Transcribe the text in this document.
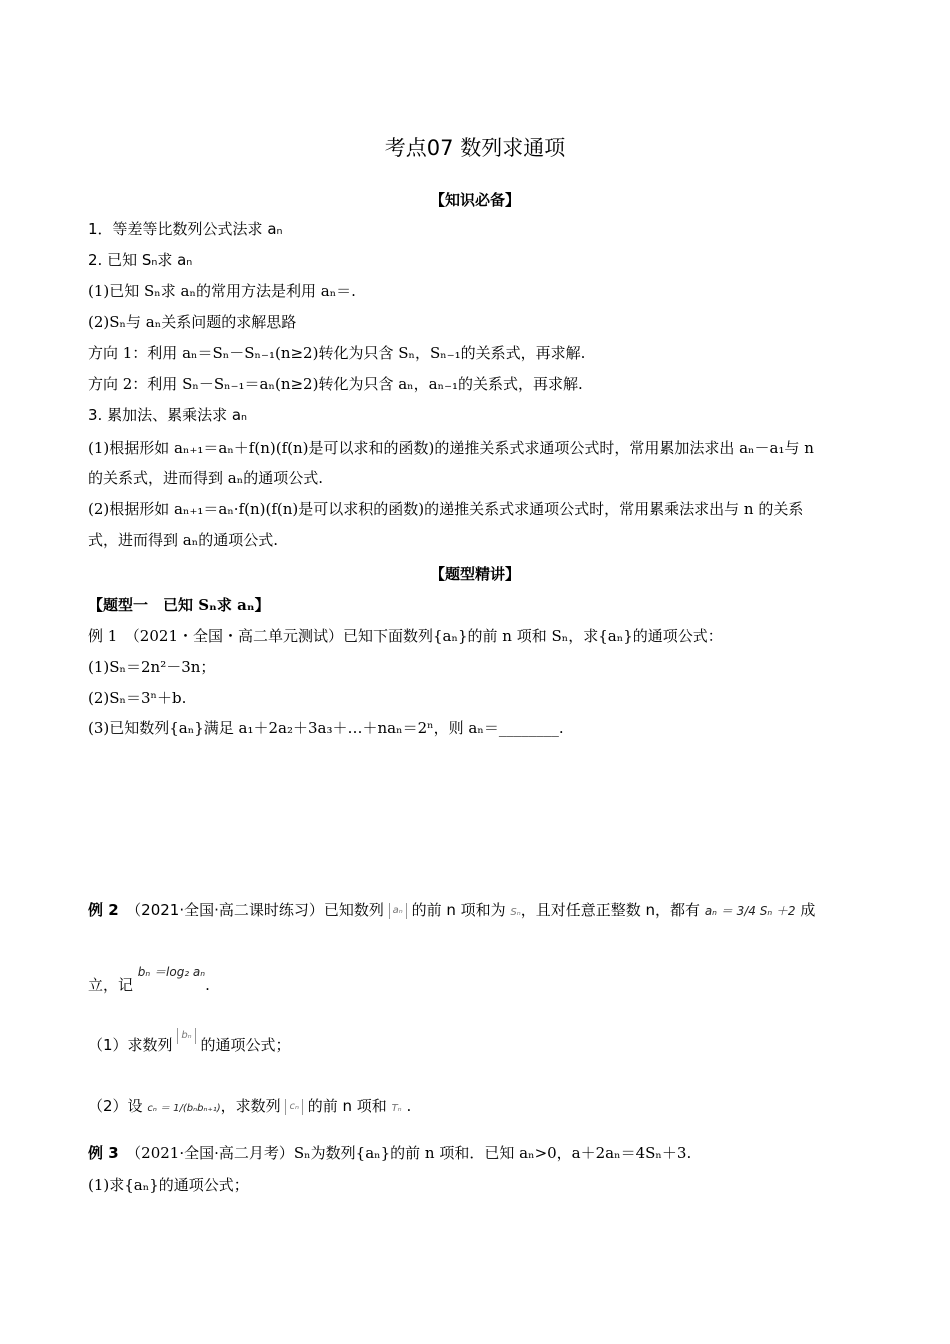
考点07 数列求通项
【知识必备】
1．等差等比数列公式法求 aₙ
2. 已知 Sₙ求 aₙ
(1)已知 Sₙ求 aₙ的常用方法是利用 aₙ＝.
(2)Sₙ与 aₙ关系问题的求解思路
方向 1：利用 aₙ＝Sₙ－Sₙ₋₁(n≥2)转化为只含 Sₙ，Sₙ₋₁的关系式，再求解.
方向 2：利用 Sₙ－Sₙ₋₁＝aₙ(n≥2)转化为只含 aₙ，aₙ₋₁的关系式，再求解.
3. 累加法、累乘法求 aₙ
(1)根据形如 aₙ₊₁＝aₙ＋f(n)(f(n)是可以求和的函数)的递推关系式求通项公式时，常用累加法求出 aₙ－a₁与 n
的关系式，进而得到 aₙ的通项公式.
(2)根据形如 aₙ₊₁＝aₙ·f(n)(f(n)是可以求积的函数)的递推关系式求通项公式时，常用累乘法求出与 n 的关系
式，进而得到 aₙ的通项公式.
【题型精讲】
【题型一　已知 Sₙ求 aₙ】
例 1　（2021・全国・高二单元测试）已知下面数列{aₙ}的前 n 项和 Sₙ，求{aₙ}的通项公式：
(1)Sₙ＝2n²－3n；
(2)Sₙ＝3ⁿ＋b.
(3)已知数列{aₙ}满足 a₁＋2a₂＋3a₃＋…＋naₙ＝2ⁿ，则 aₙ＝________.
例 2　（2021·全国·高二课时练习）已知数列 aₙ 的前 n 项和为 Sₙ，且对任意正整数 n，都有 aₙ ＝ 3/4 Sₙ ＋2 成
立，记 $^{b_n =log_2 a_n}$.
（1）求数列 bₙ 的通项公式；
（2）设 cₙ ＝ 1/(bₙbₙ₊₁)，求数列 cₙ 的前 n 项和 Tₙ .
例 3　（2021·全国·高二月考）Sₙ为数列{aₙ}的前 n 项和．已知 aₙ>0，a＋2aₙ＝4Sₙ＋3.
(1)求{aₙ}的通项公式；
